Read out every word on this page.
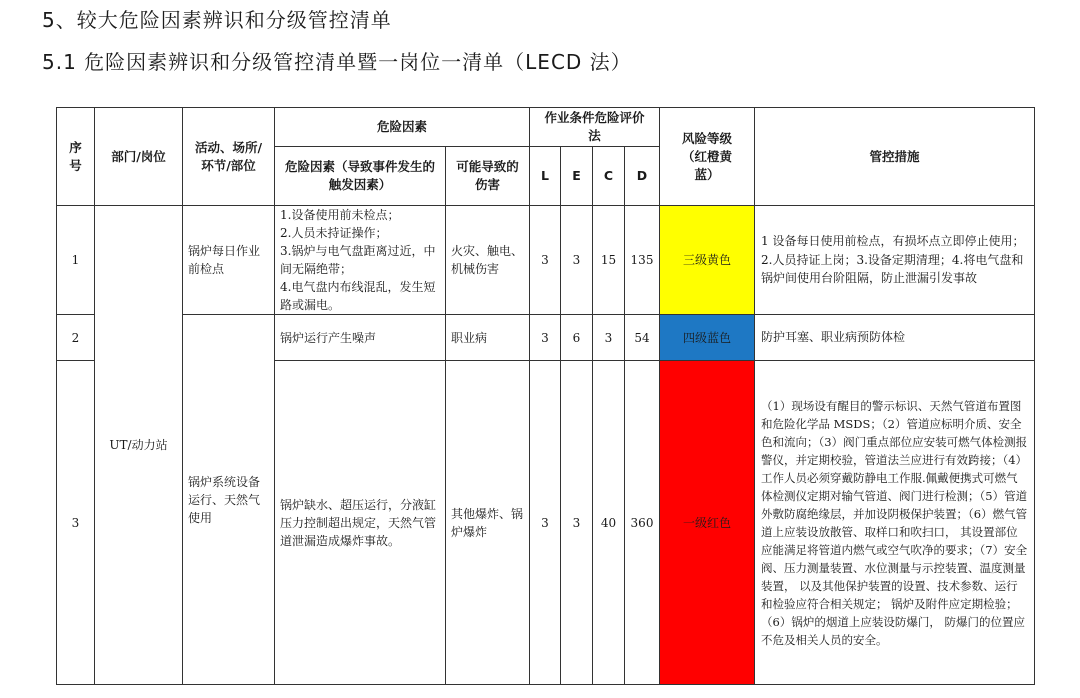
5、较大危险因素辨识和分级管控清单
5.1 危险因素辨识和分级管控清单暨一岗位一清单（LECD 法）
序号	部门/岗位	活动、场所/环节/部位	危险因素		作业条件危险评价法				风险等级（红橙黄蓝）	管控措施
			危险因素（导致事件发生的触发因素）	可能导致的伤害	L	E	C	D		
1	UT/动力站	锅炉每日作业前检点	1.设备使用前未检点；
2.人员未持证操作；
3.锅炉与电气盘距离过近，中间无隔绝带；
4.电气盘内布线混乱，发生短路或漏电。	火灾、触电、机械伤害	3	3	15	135	三级黄色	1 设备每日使用前检点，有损坏点立即停止使用；2.人员持证上岗；3.设备定期清理；4.将电气盘和锅炉间使用台阶阻隔，防止泄漏引发事故
2		锅炉系统设备运行、天然气使用	锅炉运行产生噪声	职业病	3	6	3	54	四级蓝色	防护耳塞、职业病预防体检
3			锅炉缺水、超压运行，分液缸压力控制超出规定，天然气管道泄漏造成爆炸事故。	其他爆炸、锅炉爆炸	3	3	40	360	一级红色	（1）现场设有醒目的警示标识、天然气管道布置图和危险化学品 MSDS；（2）管道应标明介质、安全色和流向；（3）阀门重点部位应安装可燃气体检测报警仪，并定期校验，管道法兰应进行有效跨接；（4）工作人员必须穿戴防静电工作服.佩戴便携式可燃气体检测仪定期对输气管道、阀门进行检测；（5）管道外敷防腐绝缘层，并加设阴极保护装置；（6）燃气管道上应装设放散管、取样口和吹扫口， 其设置部位应能满足将管道内燃气或空气吹净的要求；（7）安全阀、压力测量装置、水位测量与示控装置、温度测量装置， 以及其他保护装置的设置、技术参数、运行和检验应符合相关规定； 锅炉及附件应定期检验；（6）锅炉的烟道上应装设防爆门， 防爆门的位置应不危及相关人员的安全。
